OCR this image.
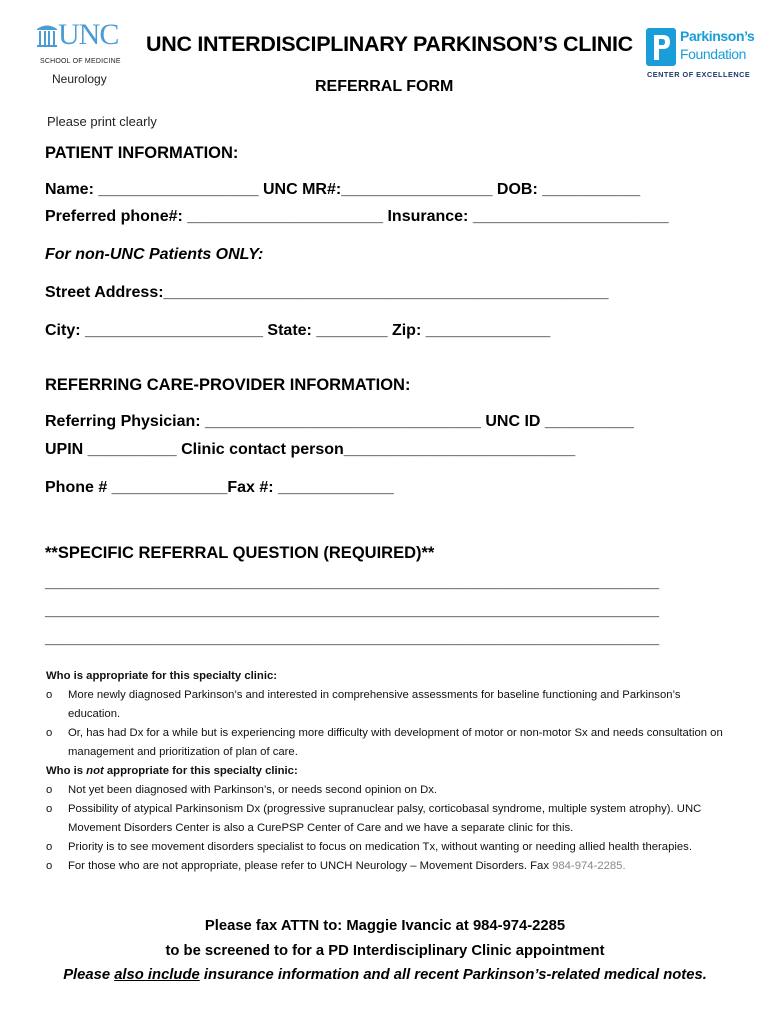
UNC
SCHOOL OF MEDICINE
Neurology
UNC INTERDISCIPLINARY PARKINSON’S CLINIC
REFERRAL FORM
Parkinson’s
Foundation
CENTER OF EXCELLENCE
Please print clearly
PATIENT INFORMATION:
Name: __________________ UNC MR#:_________________ DOB: ___________
Preferred phone#: ______________________ Insurance: ______________________
For non-UNC Patients ONLY:
Street Address:__________________________________________________
City: ____________________ State: ________ Zip: ______________
REFERRING CARE-PROVIDER INFORMATION:
Referring Physician: _______________________________ UNC ID __________
UPIN __________ Clinic contact person__________________________
Phone # _____________Fax #: _____________
**SPECIFIC REFERRAL QUESTION (REQUIRED)**
_____________________________________________________________________
_____________________________________________________________________
_____________________________________________________________________
Who is appropriate for this specialty clinic:
o More newly diagnosed Parkinson’s and interested in comprehensive assessments for baseline functioning and Parkinson’s education.
o Or, has had Dx for a while but is experiencing more difficulty with development of motor or non-motor Sx and needs consultation on management and prioritization of plan of care.
Who is not appropriate for this specialty clinic:
o Not yet been diagnosed with Parkinson’s, or needs second opinion on Dx.
o Possibility of atypical Parkinsonism Dx (progressive supranuclear palsy, corticobasal syndrome, multiple system atrophy). UNC Movement Disorders Center is also a CurePSP Center of Care and we have a separate clinic for this.
o Priority is to see movement disorders specialist to focus on medication Tx, without wanting or needing allied health therapies.
o For those who are not appropriate, please refer to UNCH Neurology – Movement Disorders. Fax 984-974-2285.
Please fax ATTN to: Maggie Ivancic at 984-974-2285
to be screened to for a PD Interdisciplinary Clinic appointment
Please also include insurance information and all recent Parkinson’s-related medical notes.
